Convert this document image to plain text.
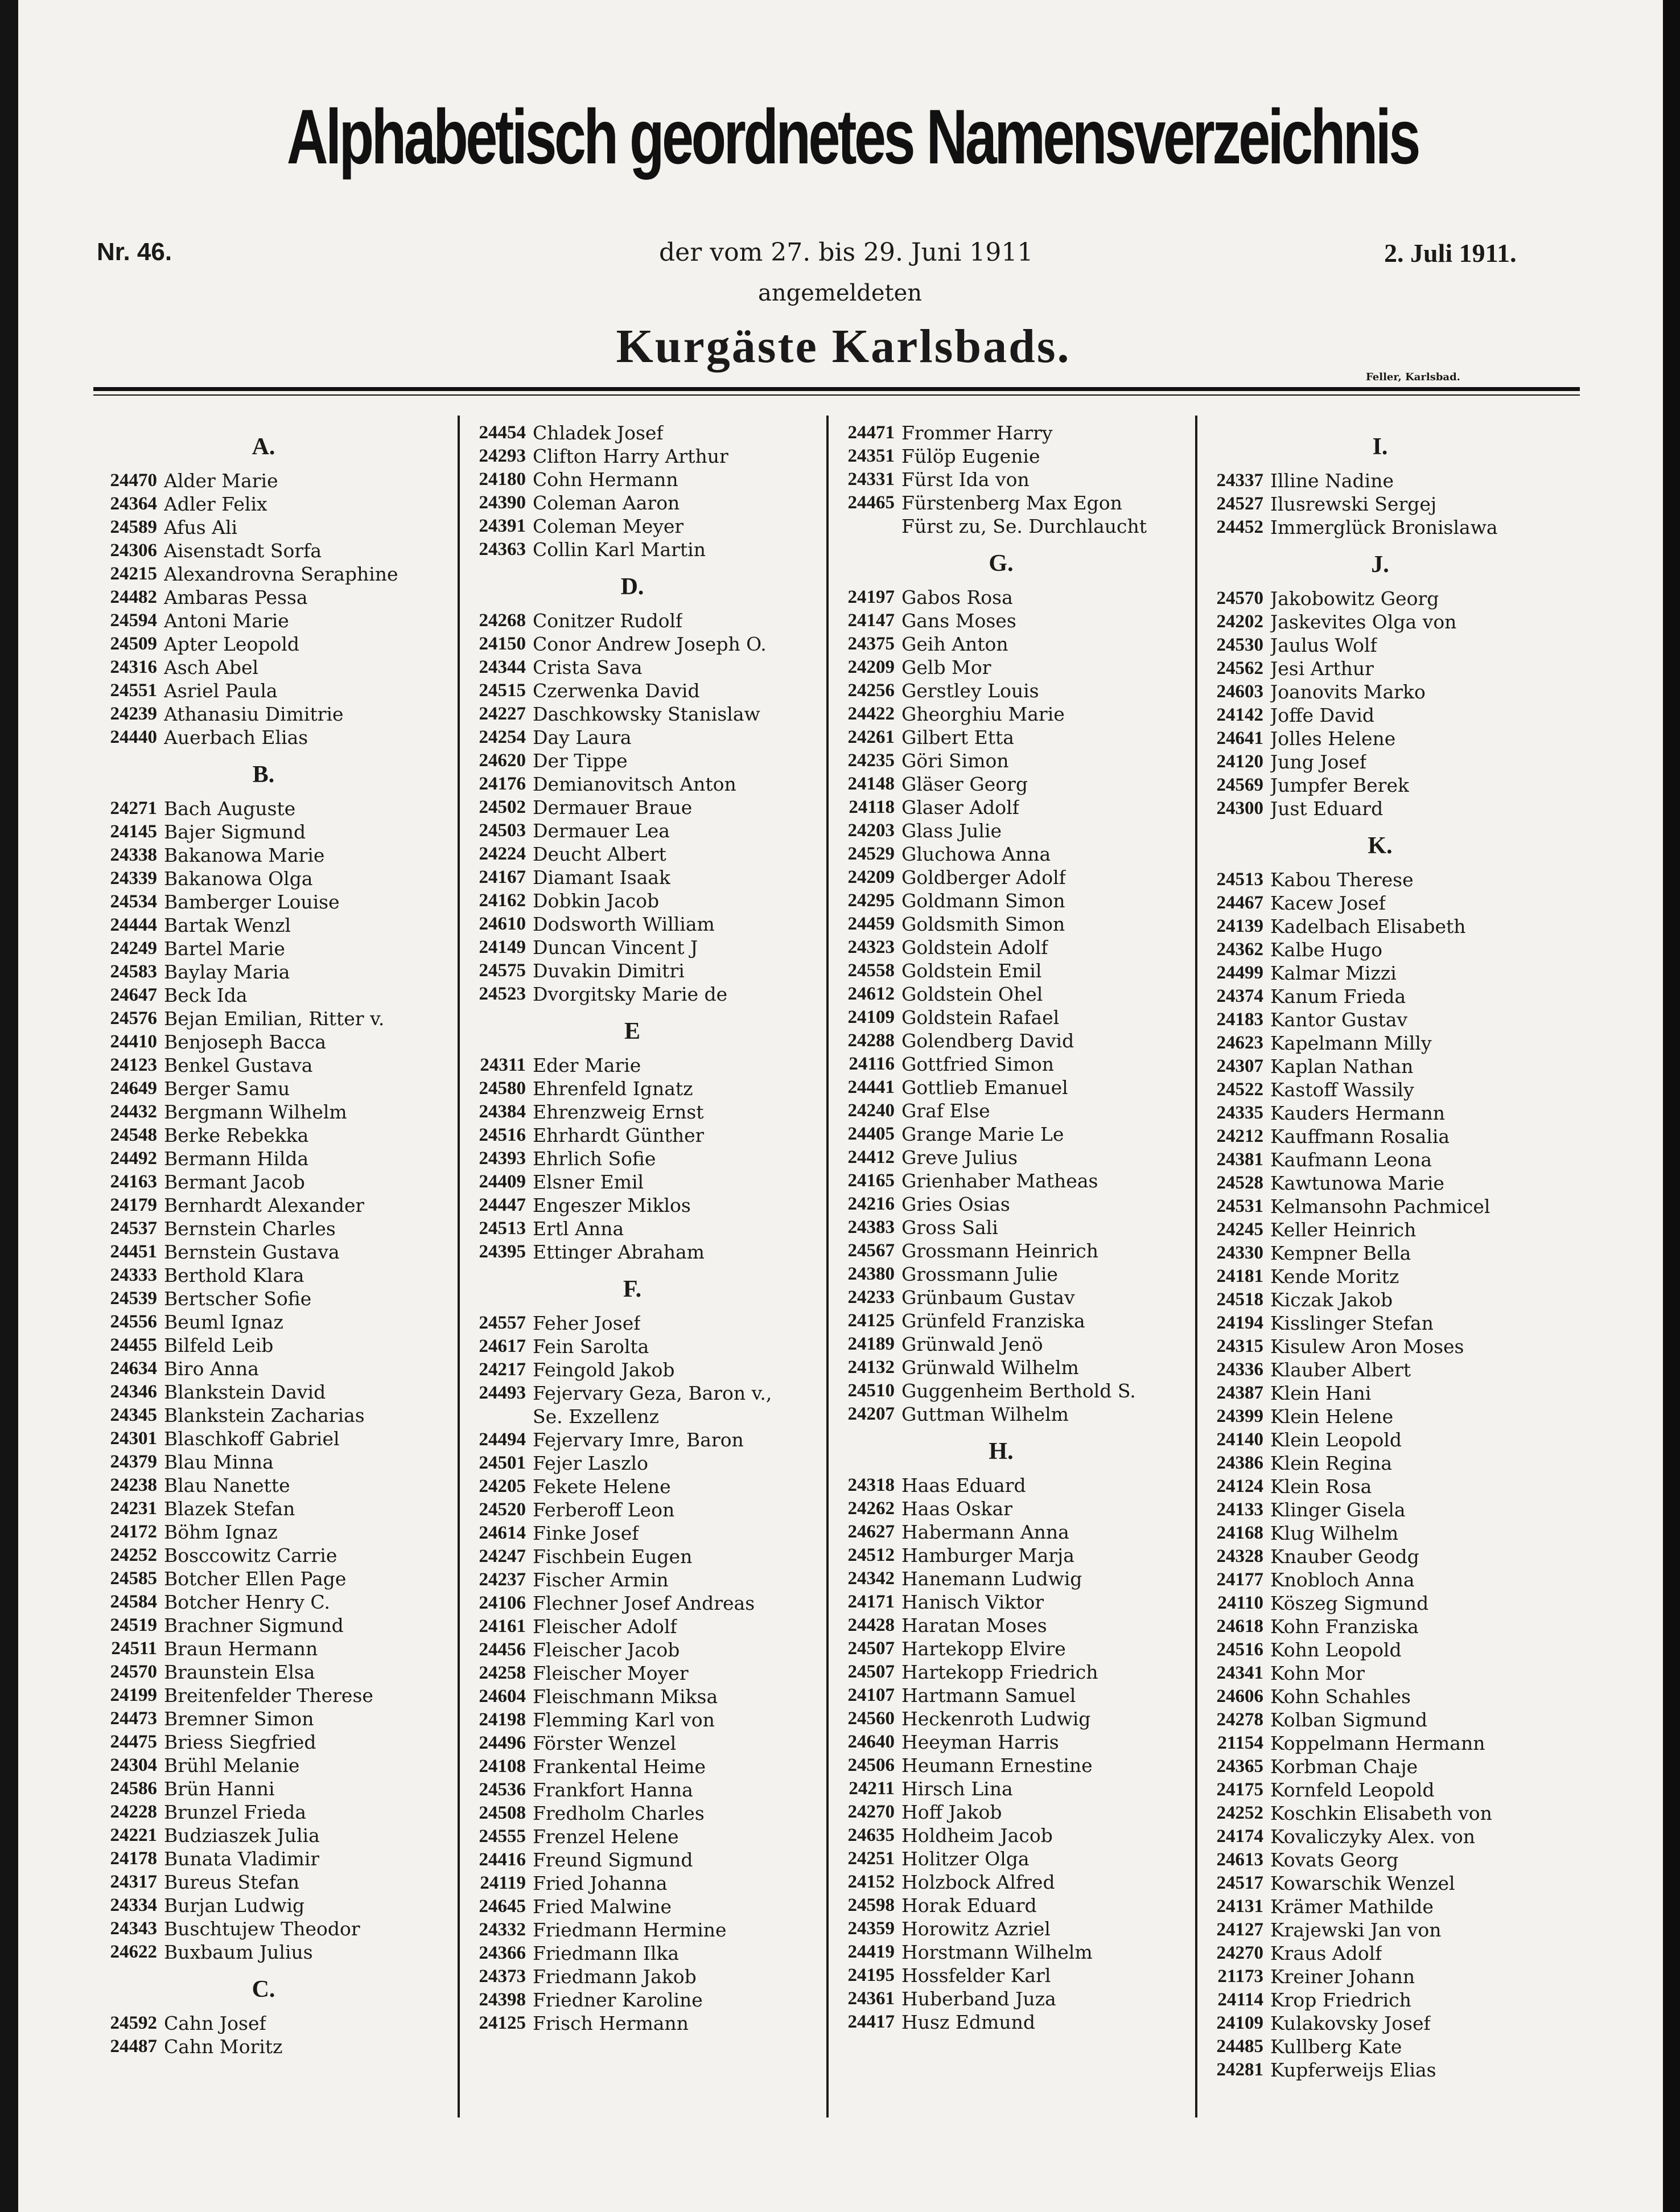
Alphabetisch geordnetes Namensverzeichnis
Nr. 46.	der vom 27. bis 29. Juni 1911	2. Juli 1911.
angemeldeten
Kurgäste Karlsbads.
Feller, Karlsbad.
A.
24470 Alder Marie
24364 Adler Felix
24589 Afus Ali
24306 Aisenstadt Sorfa
24215 Alexandrovna Seraphine
24482 Ambaras Pessa
24594 Antoni Marie
24509 Apter Leopold
24316 Asch Abel
24551 Asriel Paula
24239 Athanasiu Dimitrie
24440 Auerbach Elias
B.
24271 Bach Auguste
24145 Bajer Sigmund
24338 Bakanowa Marie
24339 Bakanowa Olga
24534 Bamberger Louise
24444 Bartak Wenzl
24249 Bartel Marie
24583 Baylay Maria
24647 Beck Ida
24576 Bejan Emilian, Ritter v.
24410 Benjoseph Bacca
24123 Benkel Gustava
24649 Berger Samu
24432 Bergmann Wilhelm
24548 Berke Rebekka
24492 Bermann Hilda
24163 Bermant Jacob
24179 Bernhardt Alexander
24537 Bernstein Charles
24451 Bernstein Gustava
24333 Berthold Klara
24539 Bertscher Sofie
24556 Beuml Ignaz
24455 Bilfeld Leib
24634 Biro Anna
24346 Blankstein David
24345 Blankstein Zacharias
24301 Blaschkoff Gabriel
24379 Blau Minna
24238 Blau Nanette
24231 Blazek Stefan
24172 Böhm Ignaz
24252 Bosccowitz Carrie
24585 Botcher Ellen Page
24584 Botcher Henry C.
24519 Brachner Sigmund
24511 Braun Hermann
24570 Braunstein Elsa
24199 Breitenfelder Therese
24473 Bremner Simon
24475 Briess Siegfried
24304 Brühl Melanie
24586 Brün Hanni
24228 Brunzel Frieda
24221 Budziaszek Julia
24178 Bunata Vladimir
24317 Bureus Stefan
24334 Burjan Ludwig
24343 Buschtujew Theodor
24622 Buxbaum Julius
C.
24592 Cahn Josef
24487 Cahn Moritz
24454 Chladek Josef
24293 Clifton Harry Arthur
24180 Cohn Hermann
24390 Coleman Aaron
24391 Coleman Meyer
24363 Collin Karl Martin
D.
24268 Conitzer Rudolf
24150 Conor Andrew Joseph O.
24344 Crista Sava
24515 Czerwenka David
24227 Daschkowsky Stanislaw
24254 Day Laura
24620 Der Tippe
24176 Demianovitsch Anton
24502 Dermauer Braue
24503 Dermauer Lea
24224 Deucht Albert
24167 Diamant Isaak
24162 Dobkin Jacob
24610 Dodsworth William
24149 Duncan Vincent J
24575 Duvakin Dimitri
24523 Dvorgitsky Marie de
E
24311 Eder Marie
24580 Ehrenfeld Ignatz
24384 Ehrenzweig Ernst
24516 Ehrhardt Günther
24393 Ehrlich Sofie
24409 Elsner Emil
24447 Engeszer Miklos
24513 Ertl Anna
24395 Ettinger Abraham
F.
24557 Feher Josef
24617 Fein Sarolta
24217 Feingold Jakob
24493 Fejervary Geza, Baron v.,
Se. Exzellenz
24494 Fejervary Imre, Baron
24501 Fejer Laszlo
24205 Fekete Helene
24520 Ferberoff Leon
24614 Finke Josef
24247 Fischbein Eugen
24237 Fischer Armin
24106 Flechner Josef Andreas
24161 Fleischer Adolf
24456 Fleischer Jacob
24258 Fleischer Moyer
24604 Fleischmann Miksa
24198 Flemming Karl von
24496 Förster Wenzel
24108 Frankental Heime
24536 Frankfort Hanna
24508 Fredholm Charles
24555 Frenzel Helene
24416 Freund Sigmund
24119 Fried Johanna
24645 Fried Malwine
24332 Friedmann Hermine
24366 Friedmann Ilka
24373 Friedmann Jakob
24398 Friedner Karoline
24125 Frisch Hermann
24471 Frommer Harry
24351 Fülöp Eugenie
24331 Fürst Ida von
24465 Fürstenberg Max Egon
Fürst zu, Se. Durchlaucht
G.
24197 Gabos Rosa
24147 Gans Moses
24375 Geih Anton
24209 Gelb Mor
24256 Gerstley Louis
24422 Gheorghiu Marie
24261 Gilbert Etta
24235 Göri Simon
24148 Gläser Georg
24118 Glaser Adolf
24203 Glass Julie
24529 Gluchowa Anna
24209 Goldberger Adolf
24295 Goldmann Simon
24459 Goldsmith Simon
24323 Goldstein Adolf
24558 Goldstein Emil
24612 Goldstein Ohel
24109 Goldstein Rafael
24288 Golendberg David
24116 Gottfried Simon
24441 Gottlieb Emanuel
24240 Graf Else
24405 Grange Marie Le
24412 Greve Julius
24165 Grienhaber Matheas
24216 Gries Osias
24383 Gross Sali
24567 Grossmann Heinrich
24380 Grossmann Julie
24233 Grünbaum Gustav
24125 Grünfeld Franziska
24189 Grünwald Jenö
24132 Grünwald Wilhelm
24510 Guggenheim Berthold S.
24207 Guttman Wilhelm
H.
24318 Haas Eduard
24262 Haas Oskar
24627 Habermann Anna
24512 Hamburger Marja
24342 Hanemann Ludwig
24171 Hanisch Viktor
24428 Haratan Moses
24507 Hartekopp Elvire
24507 Hartekopp Friedrich
24107 Hartmann Samuel
24560 Heckenroth Ludwig
24640 Heeyman Harris
24506 Heumann Ernestine
24211 Hirsch Lina
24270 Hoff Jakob
24635 Holdheim Jacob
24251 Holitzer Olga
24152 Holzbock Alfred
24598 Horak Eduard
24359 Horowitz Azriel
24419 Horstmann Wilhelm
24195 Hossfelder Karl
24361 Huberband Juza
24417 Husz Edmund
I.
24337 Illine Nadine
24527 Ilusrewski Sergej
24452 Immerglück Bronislawa
J.
24570 Jakobowitz Georg
24202 Jaskevites Olga von
24530 Jaulus Wolf
24562 Jesi Arthur
24603 Joanovits Marko
24142 Joffe David
24641 Jolles Helene
24120 Jung Josef
24569 Jumpfer Berek
24300 Just Eduard
K.
24513 Kabou Therese
24467 Kacew Josef
24139 Kadelbach Elisabeth
24362 Kalbe Hugo
24499 Kalmar Mizzi
24374 Kanum Frieda
24183 Kantor Gustav
24623 Kapelmann Milly
24307 Kaplan Nathan
24522 Kastoff Wassily
24335 Kauders Hermann
24212 Kauffmann Rosalia
24381 Kaufmann Leona
24528 Kawtunowa Marie
24531 Kelmansohn Pachmicel
24245 Keller Heinrich
24330 Kempner Bella
24181 Kende Moritz
24518 Kiczak Jakob
24194 Kisslinger Stefan
24315 Kisulew Aron Moses
24336 Klauber Albert
24387 Klein Hani
24399 Klein Helene
24140 Klein Leopold
24386 Klein Regina
24124 Klein Rosa
24133 Klinger Gisela
24168 Klug Wilhelm
24328 Knauber Geodg
24177 Knobloch Anna
24110 Köszeg Sigmund
24618 Kohn Franziska
24516 Kohn Leopold
24341 Kohn Mor
24606 Kohn Schahles
24278 Kolban Sigmund
21154 Koppelmann Hermann
24365 Korbman Chaje
24175 Kornfeld Leopold
24252 Koschkin Elisabeth von
24174 Kovaliczyky Alex. von
24613 Kovats Georg
24517 Kowarschik Wenzel
24131 Krämer Mathilde
24127 Krajewski Jan von
24270 Kraus Adolf
21173 Kreiner Johann
24114 Krop Friedrich
24109 Kulakovsky Josef
24485 Kullberg Kate
24281 Kupferweijs Elias
